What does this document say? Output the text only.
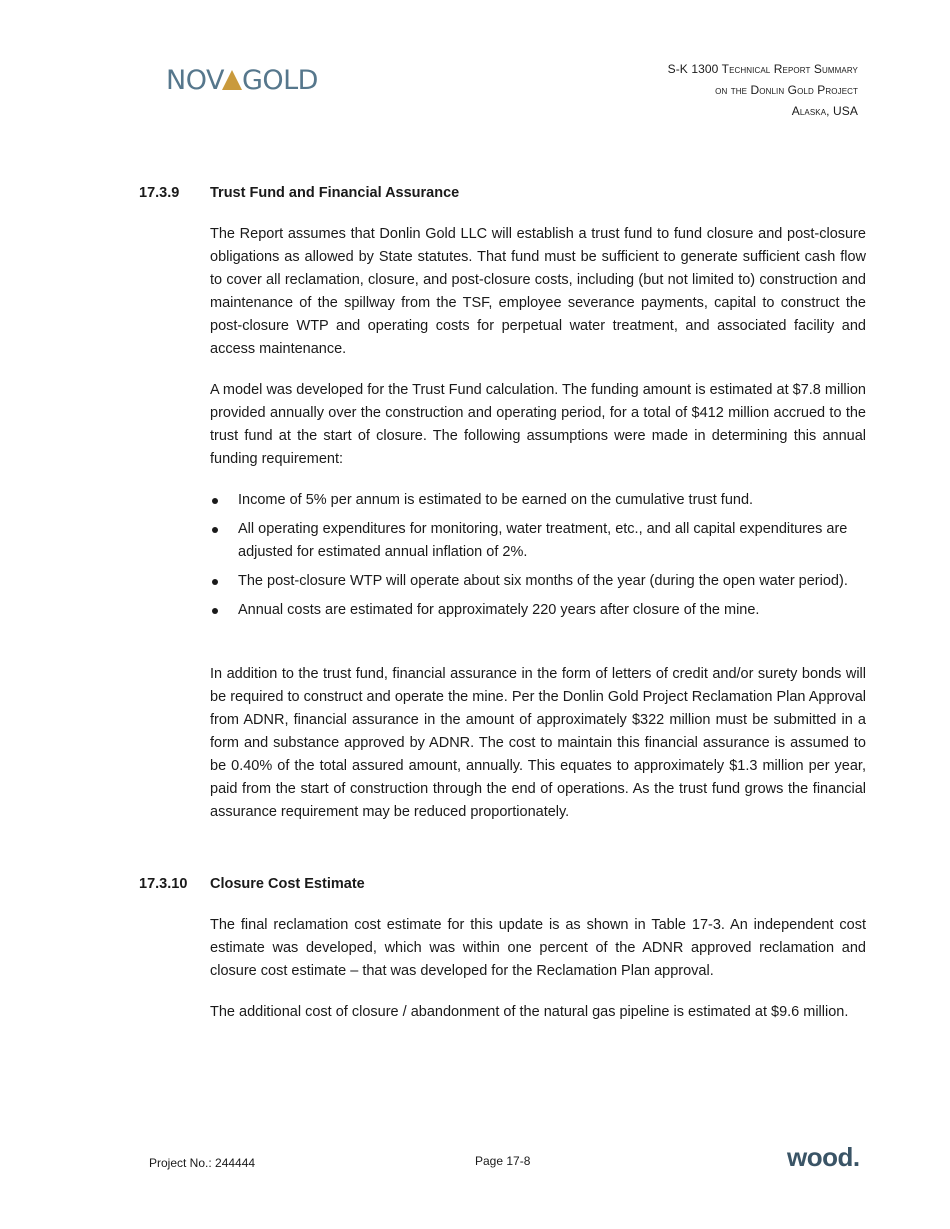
NOV GOLD	S-K 1300 Technical Report Summary
on the Donlin Gold Project
Alaska, USA
17.3.9 Trust Fund and Financial Assurance
The Report assumes that Donlin Gold LLC will establish a trust fund to fund closure and post-closure obligations as allowed by State statutes. That fund must be sufficient to generate sufficient cash flow to cover all reclamation, closure, and post-closure costs, including (but not limited to) construction and maintenance of the spillway from the TSF, employee severance payments, capital to construct the post-closure WTP and operating costs for perpetual water treatment, and associated facility and access maintenance.
A model was developed for the Trust Fund calculation. The funding amount is estimated at $7.8 million provided annually over the construction and operating period, for a total of $412 million accrued to the trust fund at the start of closure. The following assumptions were made in determining this annual funding requirement:
Income of 5% per annum is estimated to be earned on the cumulative trust fund.
All operating expenditures for monitoring, water treatment, etc., and all capital expenditures are adjusted for estimated annual inflation of 2%.
The post-closure WTP will operate about six months of the year (during the open water period).
Annual costs are estimated for approximately 220 years after closure of the mine.
In addition to the trust fund, financial assurance in the form of letters of credit and/or surety bonds will be required to construct and operate the mine. Per the Donlin Gold Project Reclamation Plan Approval from ADNR, financial assurance in the amount of approximately $322 million must be submitted in a form and substance approved by ADNR. The cost to maintain this financial assurance is assumed to be 0.40% of the total assured amount, annually. This equates to approximately $1.3 million per year, paid from the start of construction through the end of operations. As the trust fund grows the financial assurance requirement may be reduced proportionately.
17.3.10 Closure Cost Estimate
The final reclamation cost estimate for this update is as shown in Table 17-3. An independent cost estimate was developed, which was within one percent of the ADNR approved reclamation and closure cost estimate – that was developed for the Reclamation Plan approval.
The additional cost of closure / abandonment of the natural gas pipeline is estimated at $9.6 million.
Project No.: 244444	Page 17-8	wood.
